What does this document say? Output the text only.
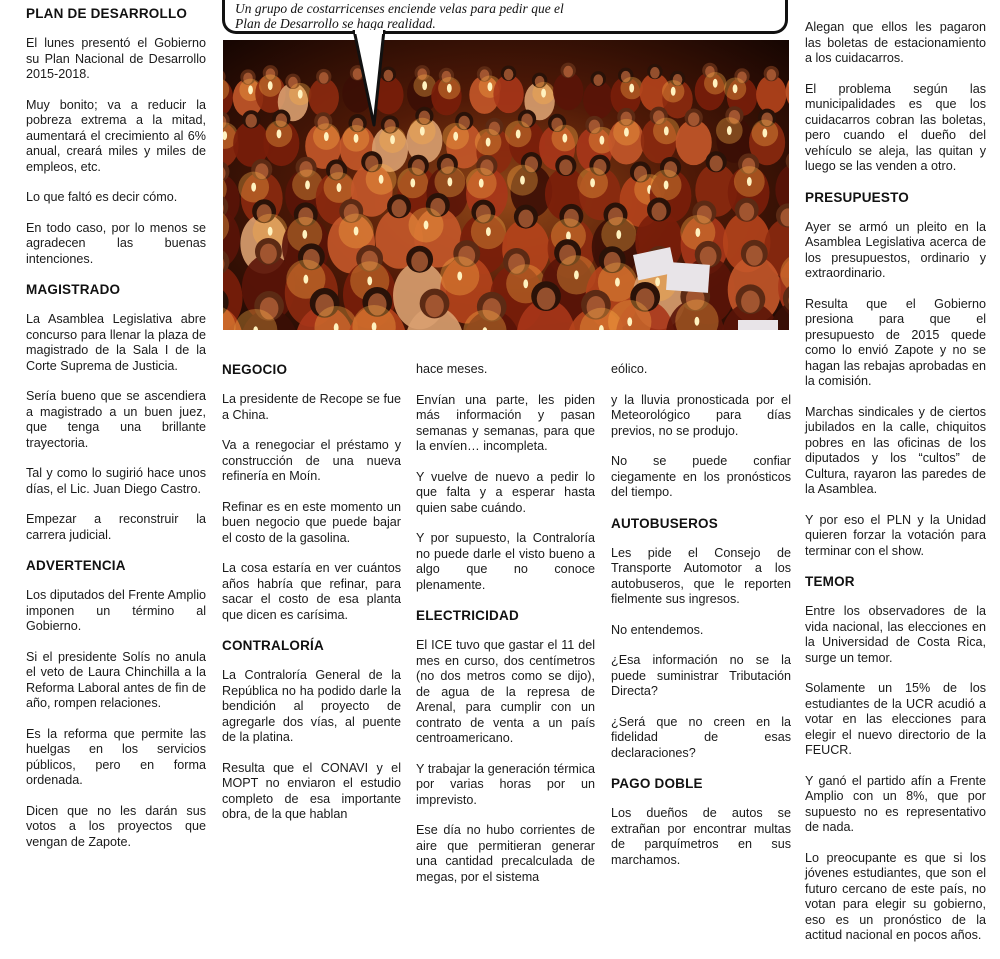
PLAN DE DESARROLLO

El lunes presentó el Gobierno su Plan Nacional de Desarrollo 2015-2018.

Muy bonito; va a reducir la pobreza extrema a la mitad, aumentará el crecimiento al 6% anual, creará miles y miles de empleos, etc.

Lo que faltó es decir cómo.

En todo caso, por lo menos se agradecen las buenas intenciones.

MAGISTRADO

La Asamblea Legislativa abre concurso para llenar la plaza de magistrado de la Sala I de la Corte Suprema de Justicia.

Sería bueno que se ascendiera a magistrado a un buen juez, que tenga una brillante trayectoria.

Tal y como lo sugirió hace unos días, el Lic. Juan Diego Castro.

Empezar a reconstruir la carrera judicial.

ADVERTENCIA

Los diputados del Frente Amplio imponen un término al Gobierno.

Si el presidente Solís no anula el veto de Laura Chinchilla a la Reforma Laboral antes de fin de año, rompen relaciones.

Es la reforma que permite las huelgas en los servicios públicos, pero en forma ordenada.

Dicen que no les darán sus votos a los proyectos que vengan de Zapote.

Un grupo de costarricenses enciende velas para pedir que el
Plan de Desarrollo se haga realidad.
NEGOCIO

La presidente de Recope se fue a China.

Va a renegociar el préstamo y construcción de una nueva refinería en Moín.

Refinar es en este momento un buen negocio que puede bajar el costo de la gasolina.

La cosa estaría en ver cuántos años habría que refinar, para sacar el costo de esa planta que dicen es carísima.

CONTRALORÍA

La Contraloría General de la República no ha podido darle la bendición al proyecto de agregarle dos vías, al puente de la platina.

Resulta que el CONAVI y el MOPT no enviaron el estudio completo de esa importante obra, de la que hablan

hace meses.

Envían una parte, les piden más información y pasan semanas y semanas, para que la envíen… incompleta.

Y vuelve de nuevo a pedir lo que falta y a esperar hasta quien sabe cuándo.

Y por supuesto, la Contraloría no puede darle el visto bueno a algo que no conoce plenamente.

ELECTRICIDAD

El ICE tuvo que gastar el 11 del mes en curso, dos centímetros (no dos metros como se dijo), de agua de la represa de Arenal, para cumplir con un contrato de venta a un país centroamericano.

Y trabajar la generación térmica por varias horas por un imprevisto.

Ese día no hubo corrientes de aire que permitieran generar una cantidad precalculada de megas, por el sistema

eólico.

y la lluvia pronosticada por el Meteorológico para días previos, no se produjo.

No se puede confiar ciegamente en los pronósticos del tiempo.

AUTOBUSEROS

Les pide el Consejo de Transporte Automotor a los autobuseros, que le reporten fielmente sus ingresos.

No entendemos.

¿Esa información no se la puede suministrar Tributación Directa?

¿Será que no creen en la fidelidad de esas declaraciones?

PAGO DOBLE

Los dueños de autos se extrañan por encontrar multas de parquímetros en sus marchamos.

Alegan que ellos les pagaron las boletas de estacionamiento a los cuidacarros.

El problema según las municipalidades es que los cuidacarros cobran las boletas, pero cuando el dueño del vehículo se aleja, las quitan y luego se las venden a otro.

PRESUPUESTO

Ayer se armó un pleito en la Asamblea Legislativa acerca de los presupuestos, ordinario y extraordinario.

Resulta que el Gobierno presiona para que el presupuesto de 2015 quede como lo envió Zapote y no se hagan las rebajas aprobadas en la comisión.

Marchas sindicales y de ciertos jubilados en la calle, chiquitos pobres en las oficinas de los diputados y los “cultos” de Cultura, rayaron las paredes de la Asamblea.

Y por eso el PLN y la Unidad quieren forzar la votación para terminar con el show.

TEMOR

Entre los observadores de la vida nacional, las elecciones en la Universidad de Costa Rica, surge un temor.

Solamente un 15% de los estudiantes de la UCR acudió a votar en las elecciones para elegir el nuevo directorio de la FEUCR.

Y ganó el partido afín a Frente Amplio con un 8%, que por supuesto no es representativo de nada.

Lo preocupante es que si los jóvenes estudiantes, que son el futuro cercano de este país, no votan para elegir su gobierno, eso es un pronóstico de la actitud nacional en pocos años.
